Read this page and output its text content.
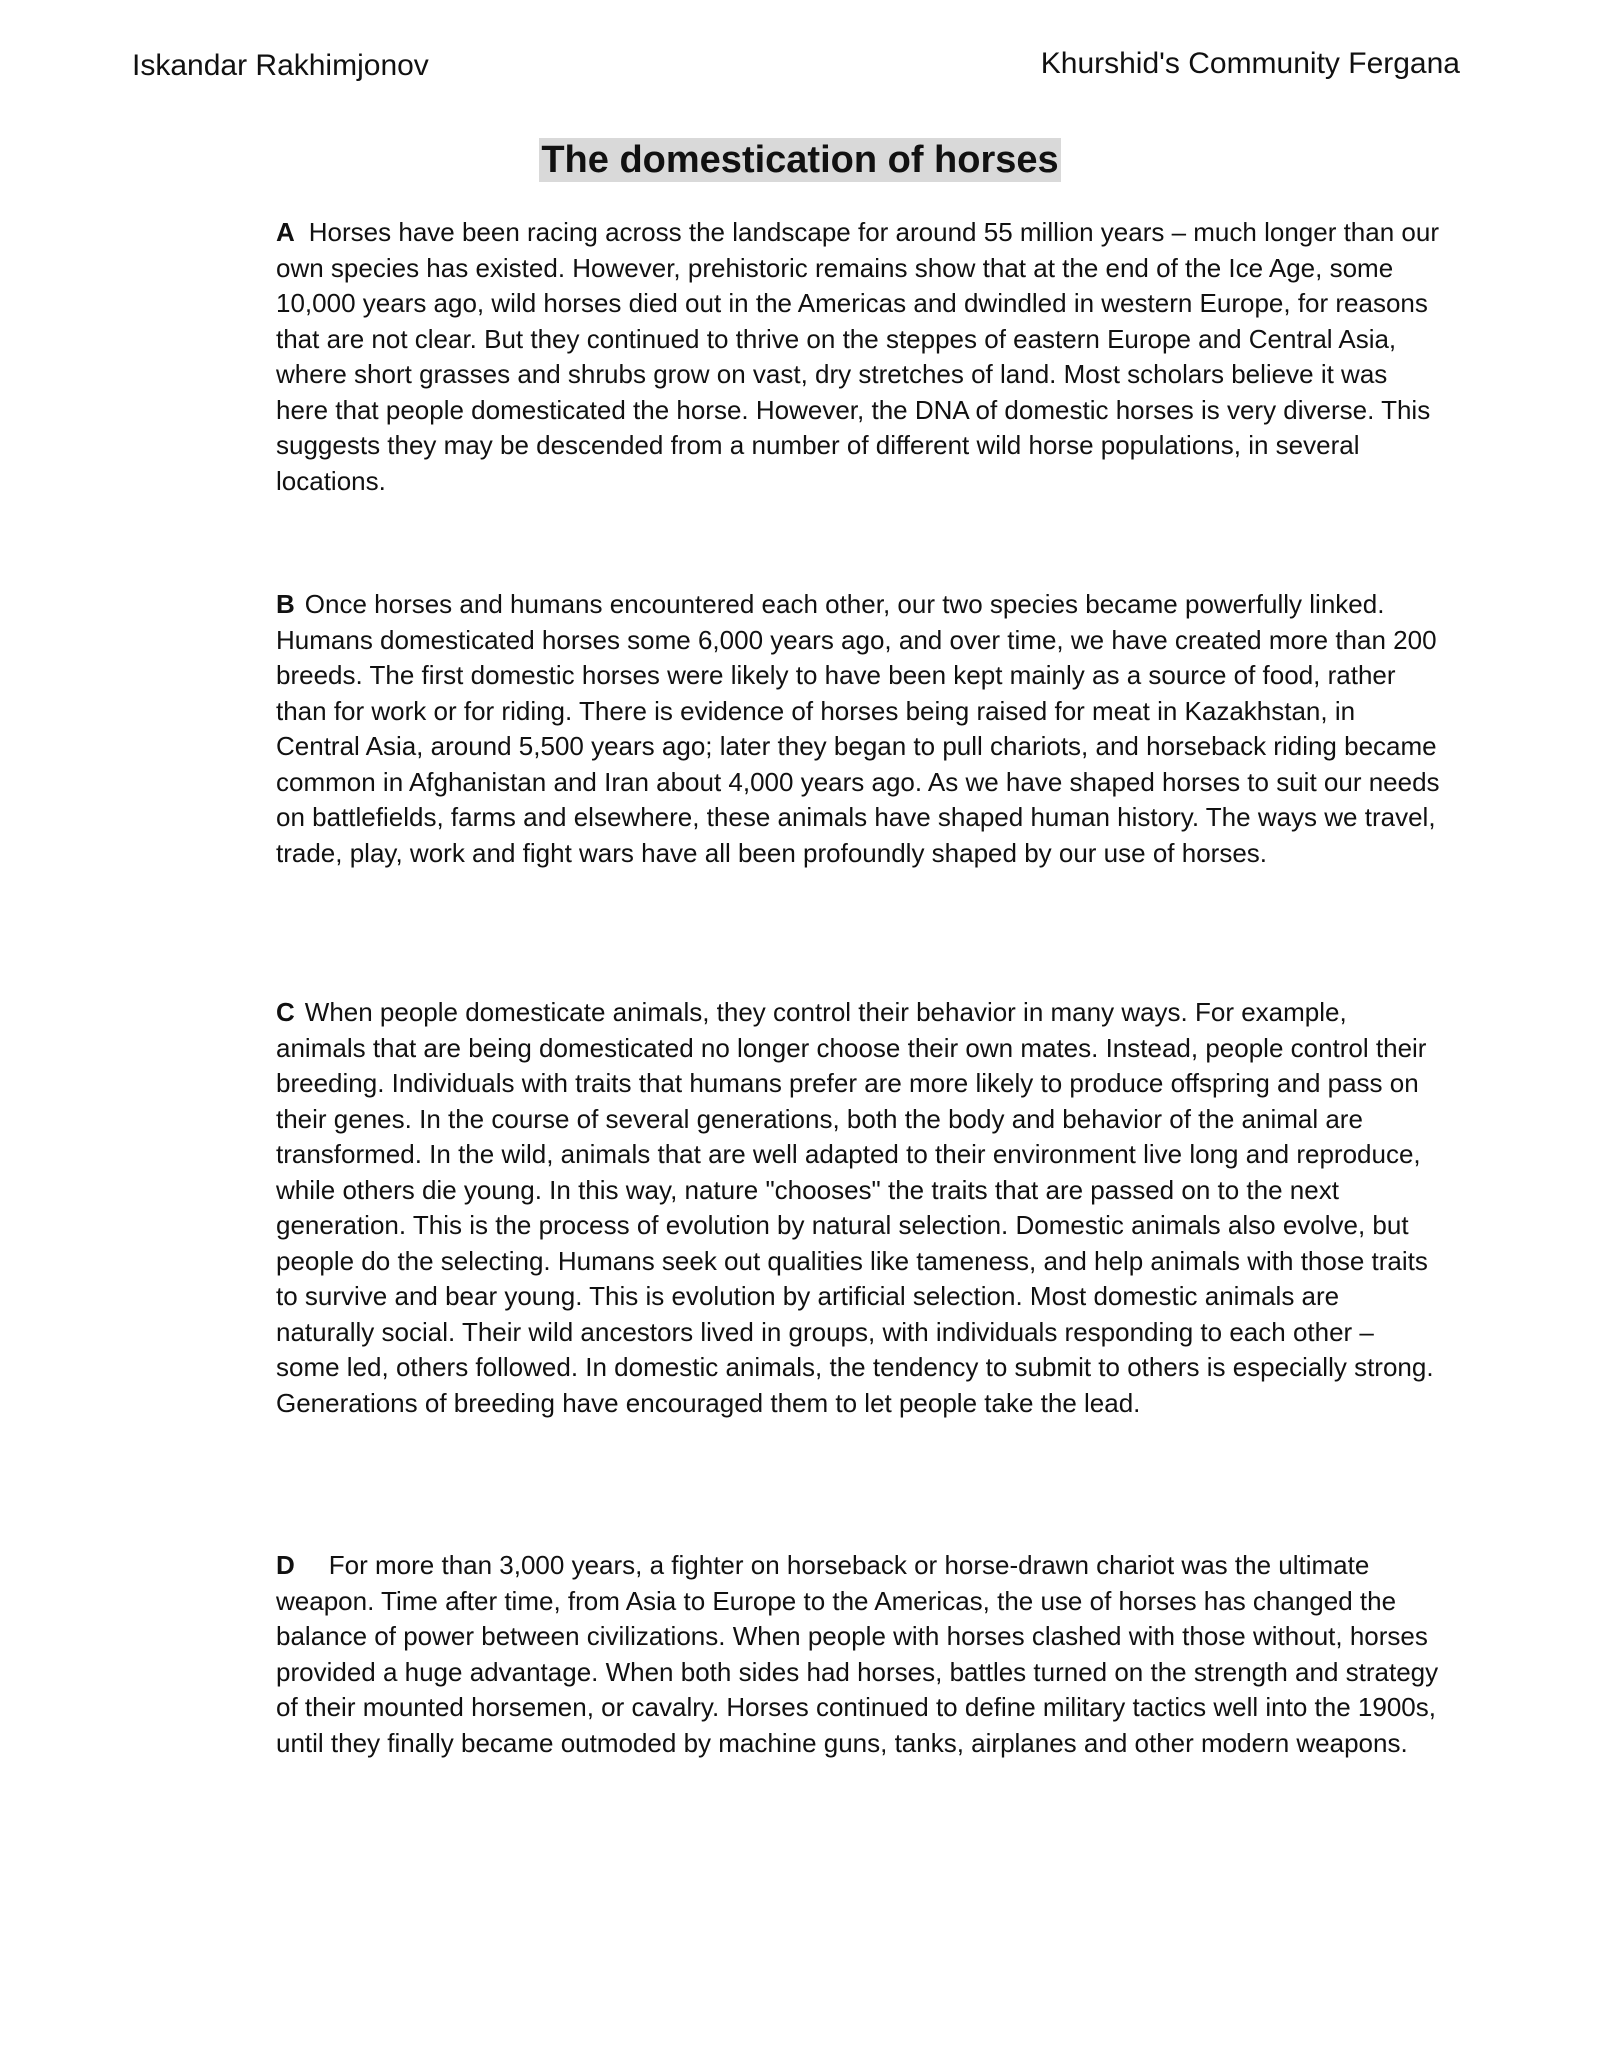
Iskandar Rakhimjonov	Khurshid's Community Fergana
The domestication of horses

A Horses have been racing across the landscape for around 55 million years – much longer than our own species has existed. However, prehistoric remains show that at the end of the Ice Age, some 10,000 years ago, wild horses died out in the Americas and dwindled in western Europe, for reasons that are not clear. But they continued to thrive on the steppes of eastern Europe and Central Asia, where short grasses and shrubs grow on vast, dry stretches of land. Most scholars believe it was here that people domesticated the horse. However, the DNA of domestic horses is very diverse. This suggests they may be descended from a number of different wild horse populations, in several locations.

B Once horses and humans encountered each other, our two species became powerfully linked. Humans domesticated horses some 6,000 years ago, and over time, we have created more than 200 breeds. The first domestic horses were likely to have been kept mainly as a source of food, rather than for work or for riding. There is evidence of horses being raised for meat in Kazakhstan, in Central Asia, around 5,500 years ago; later they began to pull chariots, and horseback riding became common in Afghanistan and Iran about 4,000 years ago. As we have shaped horses to suit our needs on battlefields, farms and elsewhere, these animals have shaped human history. The ways we travel, trade, play, work and fight wars have all been profoundly shaped by our use of horses.

C When people domesticate animals, they control their behavior in many ways. For example, animals that are being domesticated no longer choose their own mates. Instead, people control their breeding. Individuals with traits that humans prefer are more likely to produce offspring and pass on their genes. In the course of several generations, both the body and behavior of the animal are transformed. In the wild, animals that are well adapted to their environment live long and reproduce, while others die young. In this way, nature "chooses" the traits that are passed on to the next generation. This is the process of evolution by natural selection. Domestic animals also evolve, but people do the selecting. Humans seek out qualities like tameness, and help animals with those traits to survive and bear young. This is evolution by artificial selection. Most domestic animals are naturally social. Their wild ancestors lived in groups, with individuals responding to each other – some led, others followed. In domestic animals, the tendency to submit to others is especially strong. Generations of breeding have encouraged them to let people take the lead.

D For more than 3,000 years, a fighter on horseback or horse-drawn chariot was the ultimate weapon. Time after time, from Asia to Europe to the Americas, the use of horses has changed the balance of power between civilizations. When people with horses clashed with those without, horses provided a huge advantage. When both sides had horses, battles turned on the strength and strategy of their mounted horsemen, or cavalry. Horses continued to define military tactics well into the 1900s, until they finally became outmoded by machine guns, tanks, airplanes and other modern weapons.
